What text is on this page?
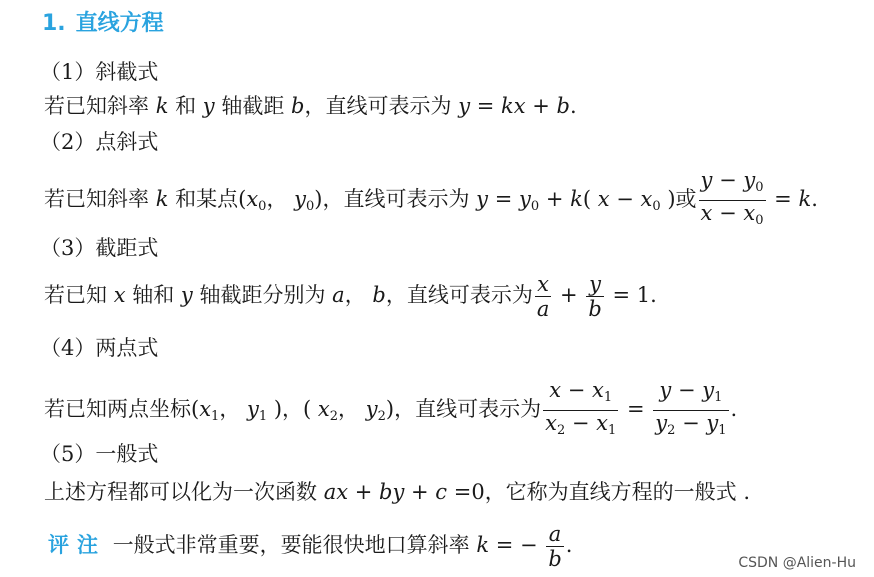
1. 直线方程
（1）斜截式
若已知斜率 k 和 y 轴截距 b，直线可表示为 y = kx + b.
（2）点斜式
若已知斜率 k 和某点($x_0$， $y_0$)，直线可表示为 $y = y_0 + k$( $x - x_0$ )或 $\frac{y - y_0}{x - x_0} = k$.
（3）截距式
若已知 x 轴和 y 轴截距分别为 a， b，直线可表示为 $\frac{x}{a} + \frac{y}{b} = 1$.
（4）两点式
若已知两点坐标($x_1$， $y_1$ )，( $x_2$， $y_2$)，直线可表示为 $\frac{x - x_1}{x_2 - x_1} = \frac{y - y_1}{y_2 - y_1}$ .
（5）一般式
上述方程都可以化为一次函数 ax + by + c =0，它称为直线方程的一般式 .
评注 一般式非常重要，要能很快地口算斜率 k = − $\frac{a}{b}$ .
CSDN @Alien-Hu
